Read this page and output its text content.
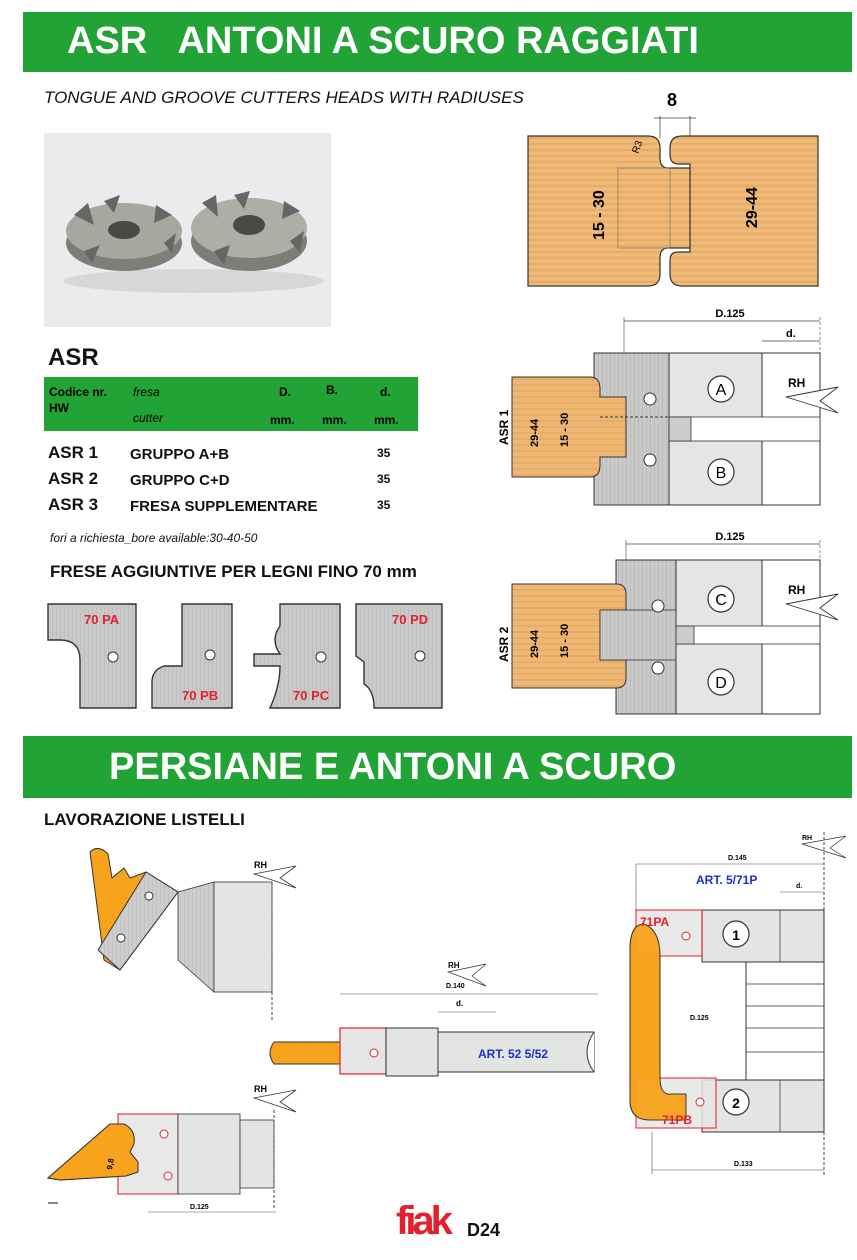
ASR   ANTONI A SCURO RAGGIATI
TONGUE AND GROOVE CUTTERS HEADS WITH RADIUSES	8
R3
15 - 30	29-44
ASR
Codice nr.
HW
fresa
cutter
D.	B.	d.
mm. mm. mm.
ASR 1 GRUPPO A+B	35
ASR 2 GRUPPO C+D	35
ASR 3 FRESA SUPPLEMENTARE	35
fori a richiesta_bore available:30-40-50
FRESE AGGIUNTIVE PER LEGNI FINO 70 mm
70 PA
70 PB	70 PC
70 PD
D.125
d.
A
B
RH
ASR 1 29-44 15 - 30
D.125
C
D
RH
ASR 2 29-44 15 - 30
PERSIANE E ANTONI A SCURO
LAVORAZIONE LISTELLI
RH
RH
D.140
d.
ART. 52 5/52
RH
9,8
D.125
RH
D.145
ART. 5/71P	d.
71PA
71PB
1
2
D.125
D.133
fiak D24
